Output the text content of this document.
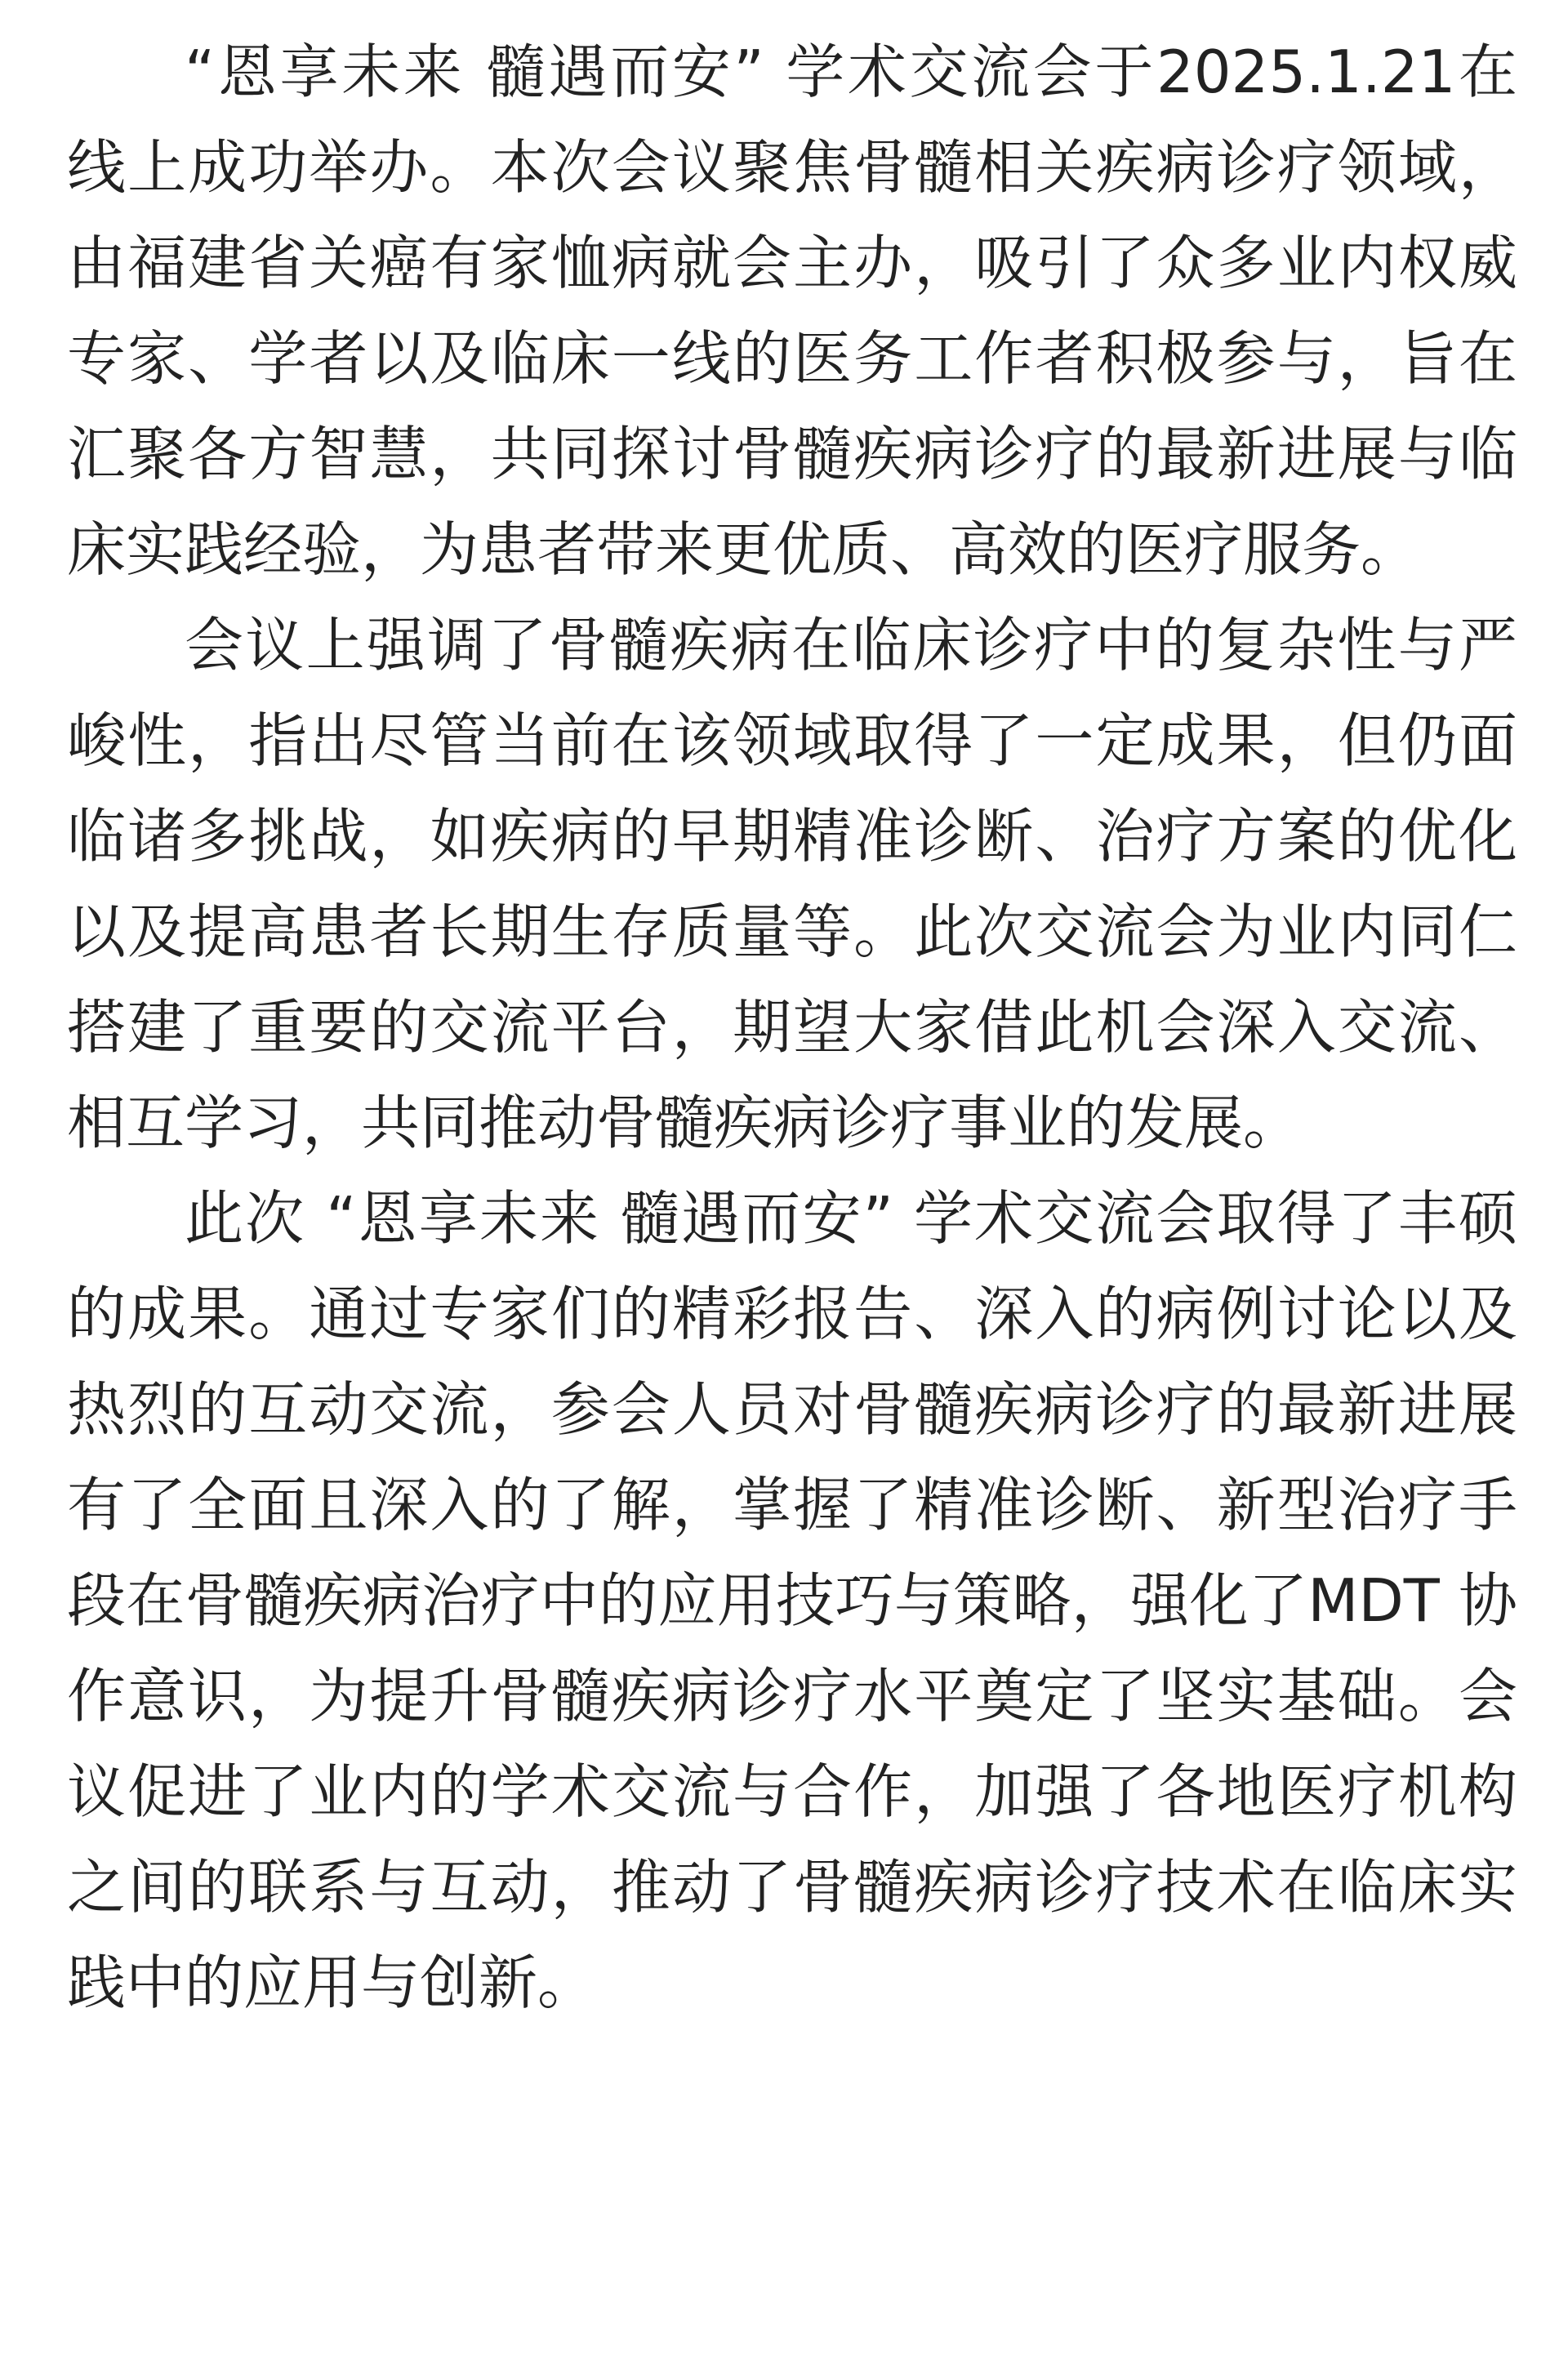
“恩享未来 髓遇而安” 学术交流会于2025.1.21在线上成功举办。本次会议聚焦骨髓相关疾病诊疗领域，由福建省关癌有家恤病就会主办，吸引了众多业内权威专家、学者以及临床一线的医务工作者积极参与，旨在汇聚各方智慧，共同探讨骨髓疾病诊疗的最新进展与临床实践经验，为患者带来更优质、高效的医疗服务。

会议上强调了骨髓疾病在临床诊疗中的复杂性与严峻性，指出尽管当前在该领域取得了一定成果，但仍面临诸多挑战，如疾病的早期精准诊断、治疗方案的优化以及提高患者长期生存质量等。此次交流会为业内同仁搭建了重要的交流平台，期望大家借此机会深入交流、相互学习，共同推动骨髓疾病诊疗事业的发展。

此次 “恩享未来 髓遇而安” 学术交流会取得了丰硕的成果。通过专家们的精彩报告、深入的病例讨论以及热烈的互动交流，参会人员对骨髓疾病诊疗的最新进展有了全面且深入的了解，掌握了精准诊断、新型治疗手段在骨髓疾病治疗中的应用技巧与策略，强化了MDT 协作意识，为提升骨髓疾病诊疗水平奠定了坚实基础。会议促进了业内的学术交流与合作，加强了各地医疗机构之间的联系与互动，推动了骨髓疾病诊疗技术在临床实践中的应用与创新。
